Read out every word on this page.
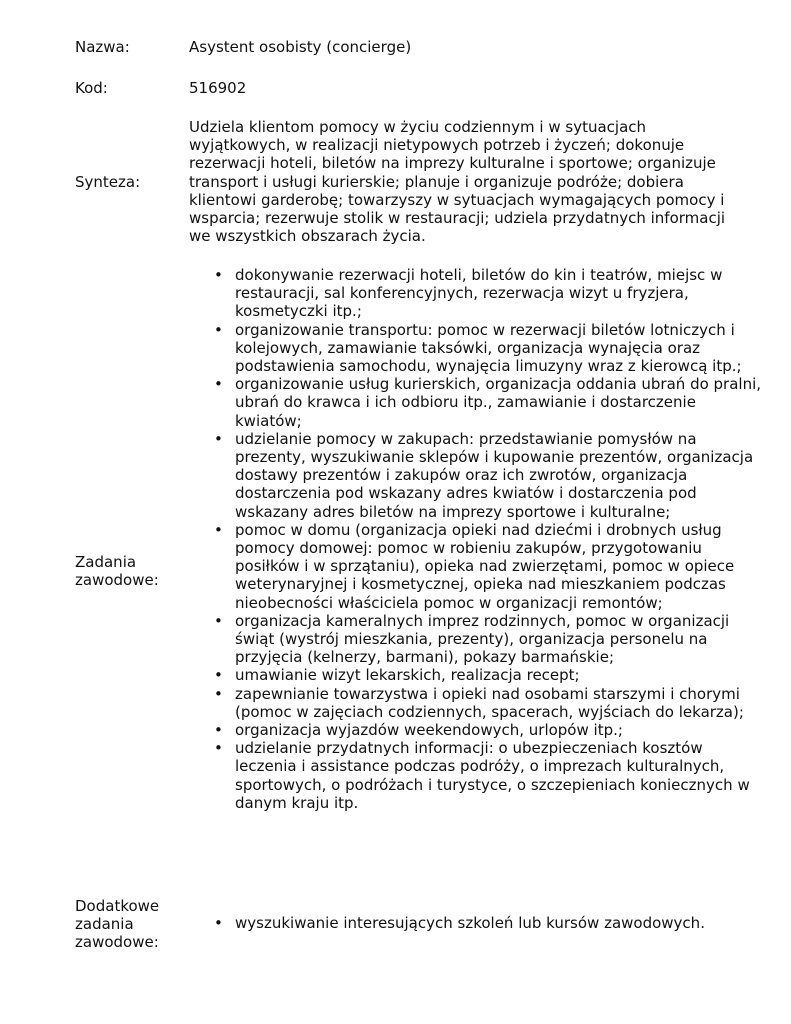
Nazwa:	Asystent osobisty (concierge)

Kod:	516902

Synteza:

Udziela klientom pomocy w życiu codziennym i w sytuacjach wyjątkowych, w realizacji nietypowych potrzeb i życzeń; dokonuje rezerwacji hoteli, biletów na imprezy kulturalne i sportowe; organizuje transport i usługi kurierskie; planuje i organizuje podróże; dobiera klientowi garderobę; towarzyszy w sytuacjach wymagających pomocy i wsparcia; rezerwuje stolik w restauracji; udziela przydatnych informacji we wszystkich obszarach życia.

Zadania zawodowe:

• dokonywanie rezerwacji hoteli, biletów do kin i teatrów, miejsc w restauracji, sal konferencyjnych, rezerwacja wizyt u fryzjera, kosmetyczki itp.;
• organizowanie transportu: pomoc w rezerwacji biletów lotniczych i kolejowych, zamawianie taksówki, organizacja wynajęcia oraz podstawienia samochodu, wynajęcia limuzyny wraz z kierowcą itp.;
• organizowanie usług kurierskich, organizacja oddania ubrań do pralni, ubrań do krawca i ich odbioru itp., zamawianie i dostarczenie kwiatów;
• udzielanie pomocy w zakupach: przedstawianie pomysłów na prezenty, wyszukiwanie sklepów i kupowanie prezentów, organizacja dostawy prezentów i zakupów oraz ich zwrotów, organizacja dostarczenia pod wskazany adres kwiatów i dostarczenia pod wskazany adres biletów na imprezy sportowe i kulturalne;
• pomoc w domu (organizacja opieki nad dziećmi i drobnych usług pomocy domowej: pomoc w robieniu zakupów, przygotowaniu posiłków i w sprzątaniu), opieka nad zwierzętami, pomoc w opiece weterynaryjnej i kosmetycznej, opieka nad mieszkaniem podczas nieobecności właściciela pomoc w organizacji remontów;
• organizacja kameralnych imprez rodzinnych, pomoc w organizacji świąt (wystrój mieszkania, prezenty), organizacja personelu na przyjęcia (kelnerzy, barmani), pokazy barmańskie;
• umawianie wizyt lekarskich, realizacja recept;
• zapewnianie towarzystwa i opieki nad osobami starszymi i chorymi (pomoc w zajęciach codziennych, spacerach, wyjściach do lekarza);
• organizacja wyjazdów weekendowych, urlopów itp.;
• udzielanie przydatnych informacji: o ubezpieczeniach kosztów leczenia i assistance podczas podróży, o imprezach kulturalnych, sportowych, o podróżach i turystyce, o szczepieniach koniecznych w danym kraju itp.

Dodatkowe zadania zawodowe:

• wyszukiwanie interesujących szkoleń lub kursów zawodowych.
